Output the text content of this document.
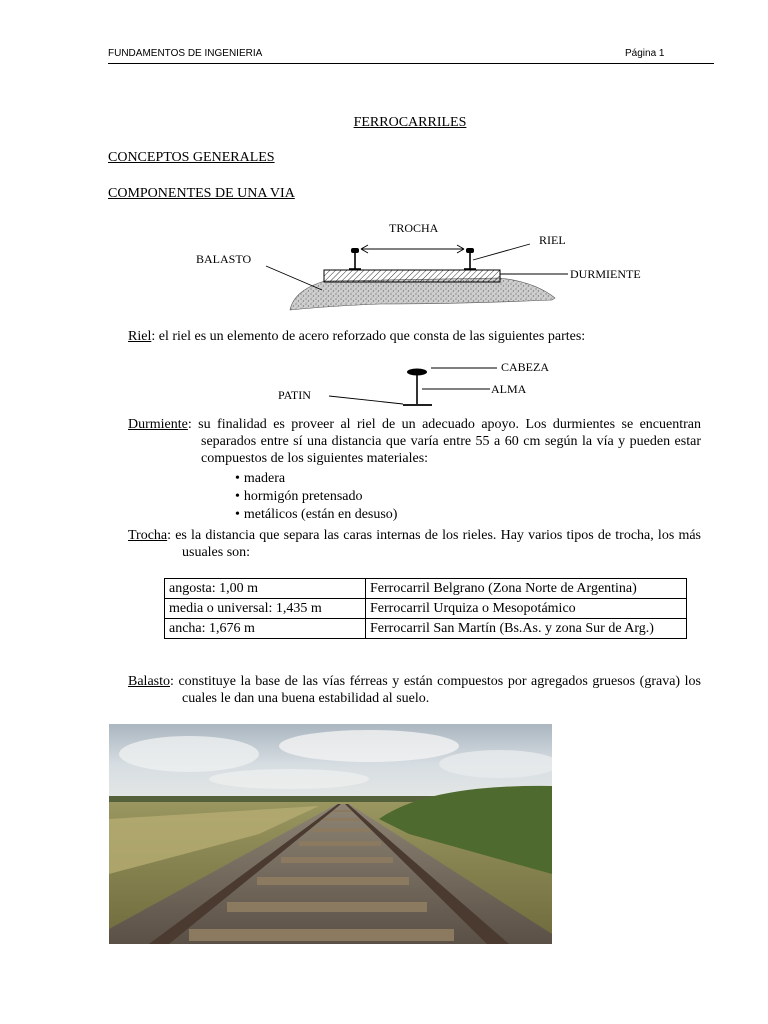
FUNDAMENTOS DE INGENIERIA	Página 1
FERROCARRILES
CONCEPTOS GENERALES
COMPONENTES DE UNA VIA
TROCHA
RIEL
BALASTO
DURMIENTE
Riel: el riel es un elemento de acero reforzado que consta de las siguientes partes:
CABEZA
ALMA
PATIN
Durmiente: su finalidad es proveer al riel de un adecuado apoyo. Los durmientes se encuentran separados entre sí una distancia que varía entre 55 a 60 cm según la vía y pueden estar compuestos de los siguientes materiales:
• madera
• hormigón pretensado
• metálicos (están en desuso)
Trocha: es la distancia que separa las caras internas de los rieles. Hay varios tipos de trocha, los más usuales son:
angosta: 1,00 m	Ferrocarril Belgrano (Zona Norte de Argentina)
media o universal: 1,435 m	Ferrocarril Urquiza o Mesopotámico
ancha: 1,676 m	Ferrocarril San Martín (Bs.As. y zona Sur de Arg.)
Balasto: constituye la base de las vías férreas y están compuestos por agregados gruesos (grava) los cuales le dan una buena estabilidad al suelo.
